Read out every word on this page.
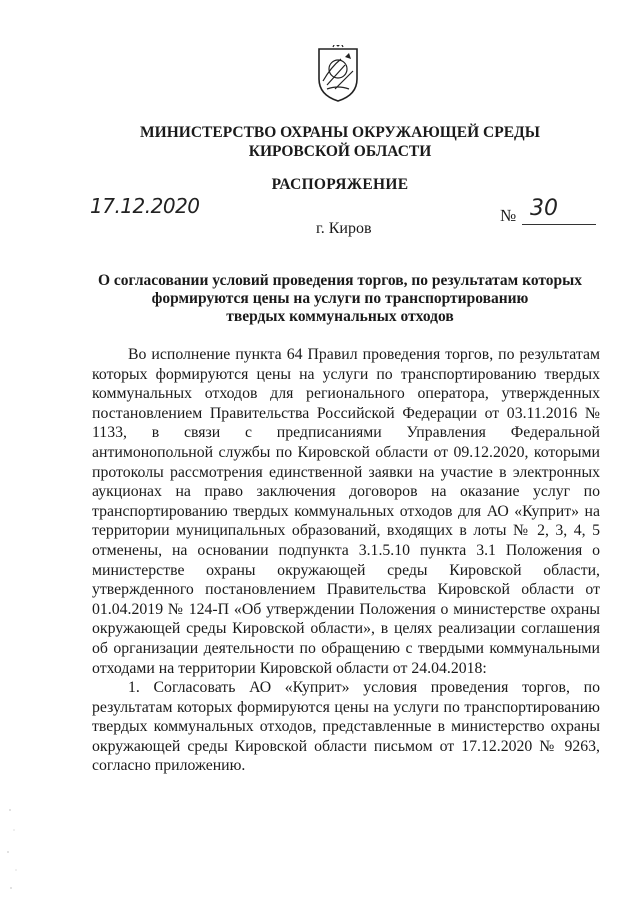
МИНИСТЕРСТВО ОХРАНЫ ОКРУЖАЮЩЕЙ СРЕДЫ
КИРОВСКОЙ ОБЛАСТИ
РАСПОРЯЖЕНИЕ
17.12.2020	№ 30
г. Киров
О согласовании условий проведения торгов, по результатам которых
формируются цены на услуги по транспортированию
твердых коммунальных отходов

Во исполнение пункта 64 Правил проведения торгов, по результатам которых формируются цены на услуги по транспортированию твердых коммунальных отходов для регионального оператора, утвержденных постановлением Правительства Российской Федерации от 03.11.2016 № 1133, в связи с предписаниями Управления Федеральной антимонопольной службы по Кировской области от 09.12.2020, которыми протоколы рассмотрения единственной заявки на участие в электронных аукционах на право заключения договоров на оказание услуг по транспортированию твердых коммунальных отходов для АО «Куприт» на территории муниципальных образований, входящих в лоты № 2, 3, 4, 5 отменены, на основании подпункта 3.1.5.10 пункта 3.1 Положения о министерстве охраны окружающей среды Кировской области, утвержденного постановлением Правительства Кировской области от 01.04.2019 № 124-П «Об утверждении Положения о министерстве охраны окружающей среды Кировской области», в целях реализации соглашения об организации деятельности по обращению с твердыми коммунальными отходами на территории Кировской области от 24.04.2018:

1. Согласовать АО «Куприт» условия проведения торгов, по результатам которых формируются цены на услуги по транспортированию твердых коммунальных отходов, представленные в министерство охраны окружающей среды Кировской области письмом от 17.12.2020 № 9263, согласно приложению.
